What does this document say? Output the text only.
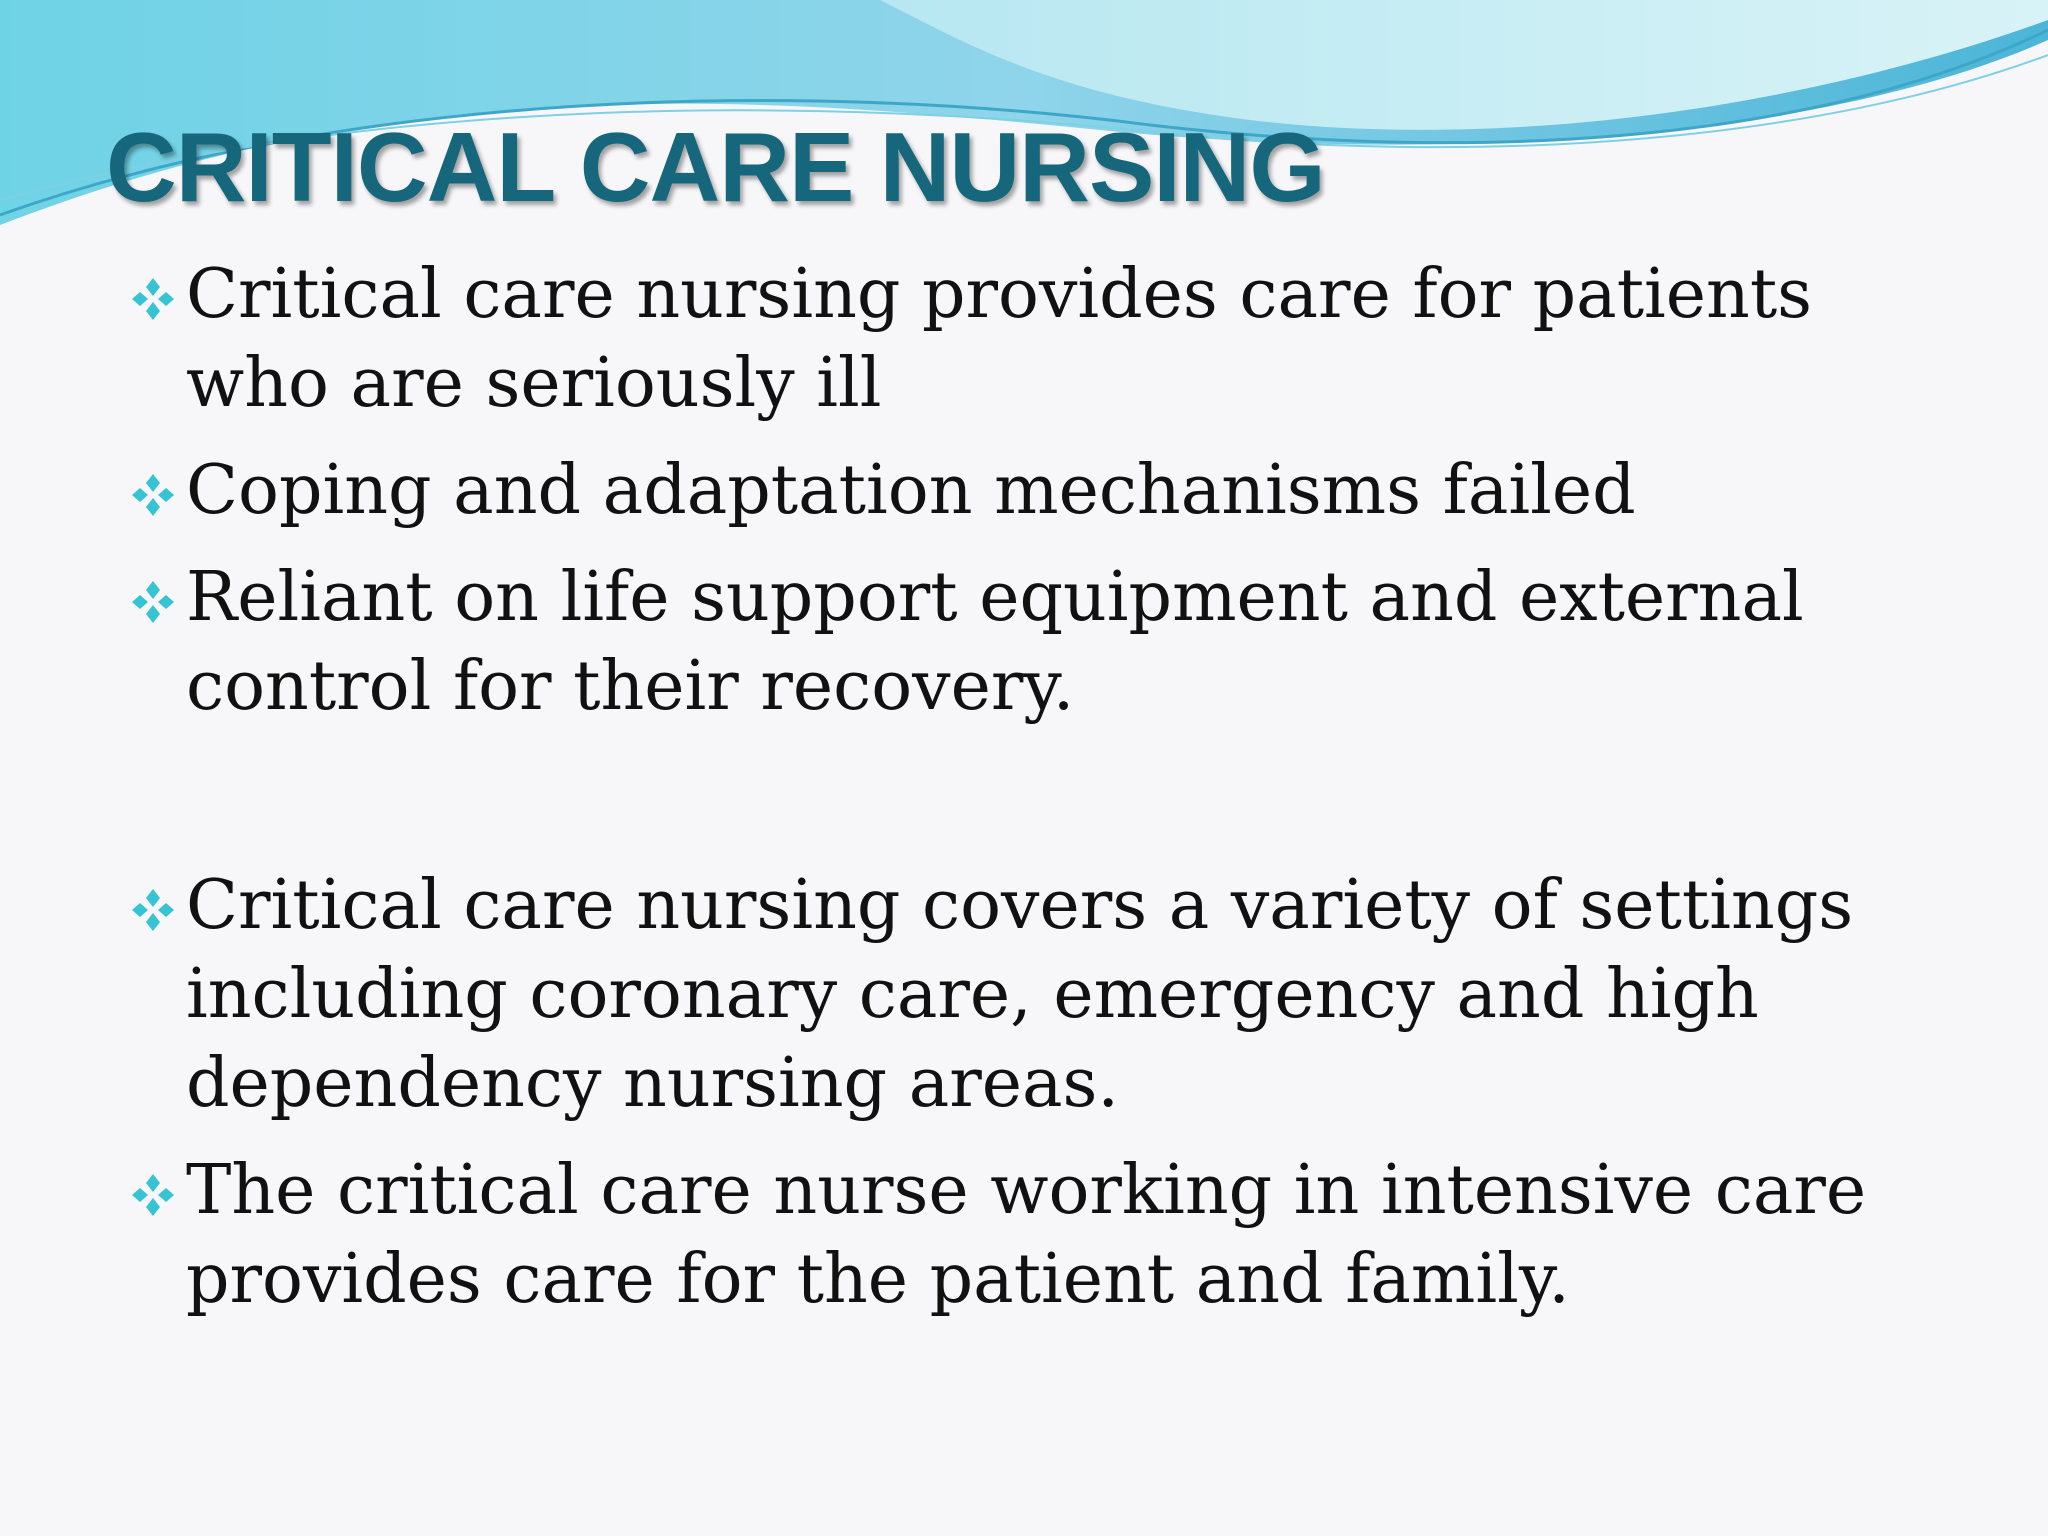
CRITICAL CARE NURSING
Critical care nursing provides care for patients who are seriously ill
Coping and adaptation mechanisms failed
Reliant on life support equipment and external control for their recovery.
Critical care nursing covers a variety of settings including coronary care, emergency and high dependency nursing areas.
The critical care nurse working in intensive care provides care for the patient and family.
